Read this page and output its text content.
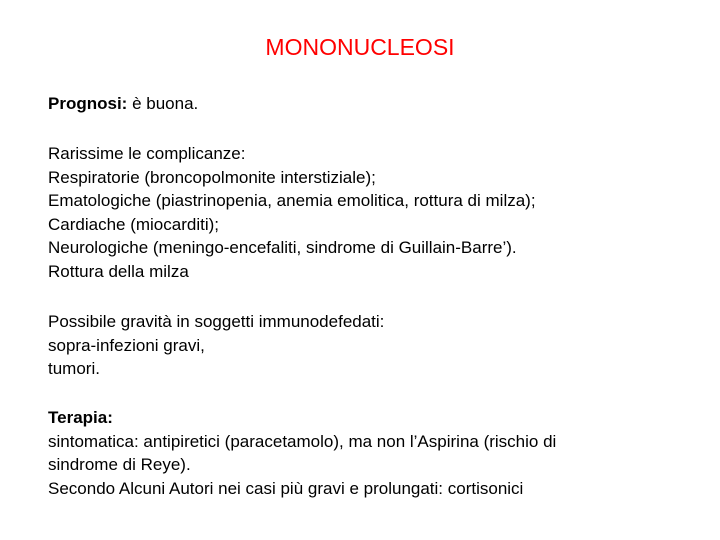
MONONUCLEOSI
Prognosi: è buona.
Rarissime le complicanze:
Respiratorie (broncopolmonite interstiziale);
Ematologiche (piastrinopenia, anemia emolitica, rottura di milza);
Cardiache (miocarditi);
Neurologiche (meningo-encefaliti, sindrome di Guillain-Barre’).
Rottura della milza
Possibile gravità in soggetti immunodefedati:
sopra-infezioni gravi,
tumori.
Terapia:
sintomatica: antipiretici (paracetamolo), ma non l’Aspirina (rischio di
sindrome di Reye).
Secondo Alcuni Autori nei casi più gravi e prolungati: cortisonici
